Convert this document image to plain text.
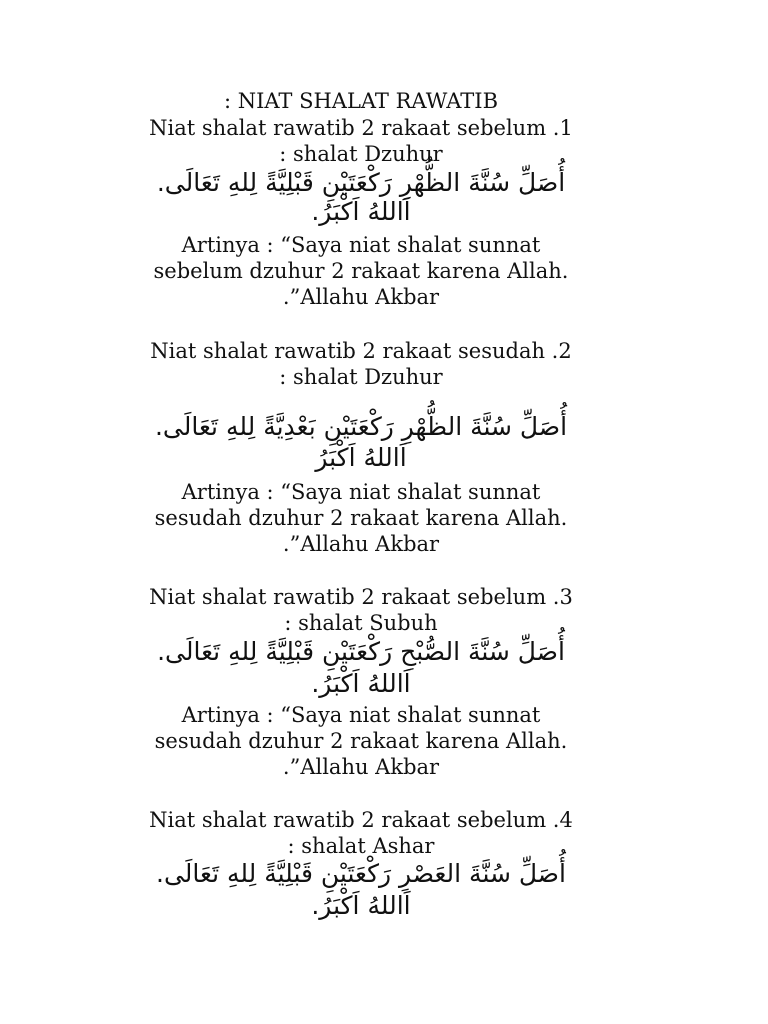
: NIAT SHALAT RAWATIB
Niat shalat rawatib 2 rakaat sebelum .1
: shalat Dzuhur
أُصَلِّ سُنَّةَ الظُّهْرِ رَكْعَتَيْنِ قَبْلِيَّةً لِلهِ تَعَالَى.
اَاللهُ اَكْبَرُ.
Artinya : “Saya niat shalat sunnat
sebelum dzuhur 2 rakaat karena Allah.
.”Allahu Akbar
Niat shalat rawatib 2 rakaat sesudah .2
: shalat Dzuhur
أُصَلِّ سُنَّةَ الظُّهْرِ رَكْعَتَيْنِ بَعْدِيَّةً لِلهِ تَعَالَى.
اَاللهُ اَكْبَرُ
Artinya : “Saya niat shalat sunnat
sesudah dzuhur 2 rakaat karena Allah.
.”Allahu Akbar
Niat shalat rawatib 2 rakaat sebelum .3
: shalat Subuh
أُصَلِّ سُنَّةَ الصُّبْحِ رَكْعَتَيْنِ قَبْلِيَّةً لِلهِ تَعَالَى.
اَاللهُ اَكْبَرُ.
Artinya : “Saya niat shalat sunnat
sesudah dzuhur 2 rakaat karena Allah.
.”Allahu Akbar
Niat shalat rawatib 2 rakaat sebelum .4
: shalat Ashar
أُصَلِّ سُنَّةَ العَصْرِ رَكْعَتَيْنِ قَبْلِيَّةً لِلهِ تَعَالَى.
اَاللهُ اَكْبَرُ.
